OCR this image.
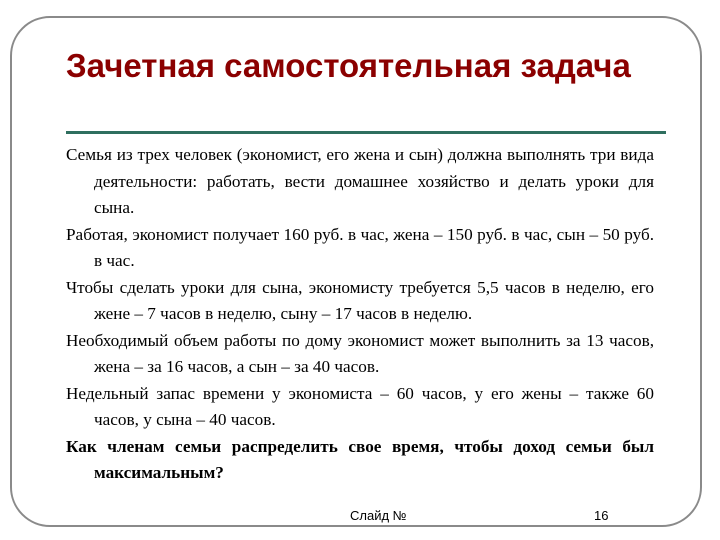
Зачетная самостоятельная задача

Семья из трех человек (экономист, его жена и сын) должна выполнять три вида деятельности: работать, вести домашнее хозяйство и делать уроки для сына.

Работая, экономист получает 160 руб. в час, жена – 150 руб. в час, сын – 50 руб. в час.

Чтобы сделать уроки для сына, экономисту требуется 5,5 часов в неделю, его жене – 7 часов в неделю, сыну – 17 часов в неделю.

Необходимый объем работы по дому экономист может выполнить за 13 часов, жена – за 16 часов, а сын – за 40 часов.

Недельный запас времени у экономиста – 60 часов, у его жены – также 60 часов, у сына – 40 часов.

Как членам семьи распределить свое время, чтобы доход семьи был максимальным?

Слайд №	16
